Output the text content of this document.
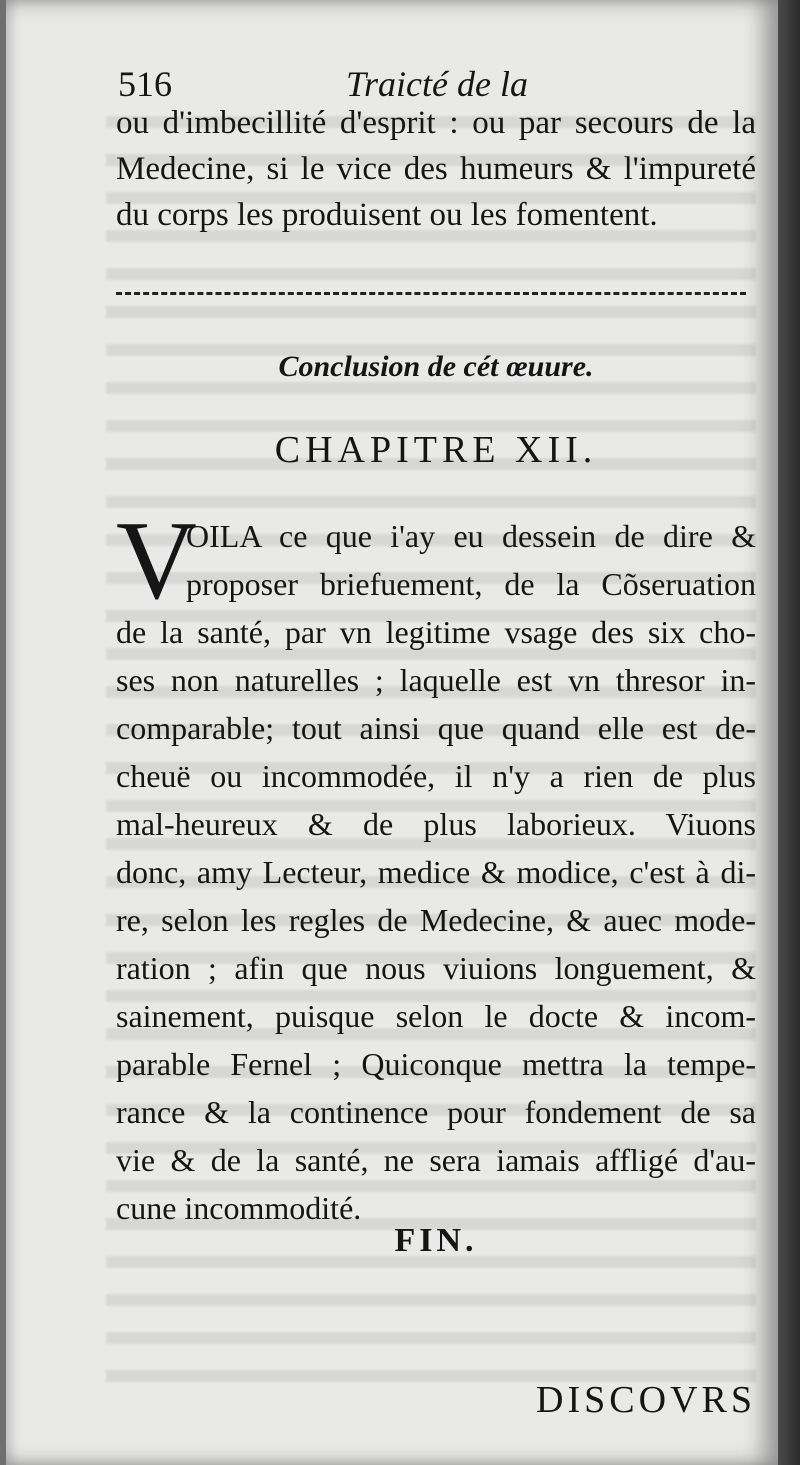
516	Traicté de la
ou d'imbecillité d'esprit : ou par secours de la
Medecine, si le vice des humeurs & l'impureté
du corps les produisent ou les fomentent.
Conclusion de cét œuure.
CHAPITRE XII.
V
OILA ce que i'ay eu dessein de dire &
proposer briefuement, de la Cõseruation
de la santé, par vn legitime vsage des six cho-
ses non naturelles ; laquelle est vn thresor in-
comparable; tout ainsi que quand elle est de-
cheuë ou incommodée, il n'y a rien de plus
mal-heureux & de plus laborieux. Viuons
donc, amy Lecteur, medice & modice, c'est à di-
re, selon les regles de Medecine, & auec mode-
ration ; afin que nous viuions longuement, &
sainement, puisque selon le docte & incom-
parable Fernel ; Quiconque mettra la tempe-
rance & la continence pour fondement de sa
vie & de la santé, ne sera iamais affligé d'au-
cune incommodité.
FIN.
DISCOVRS
